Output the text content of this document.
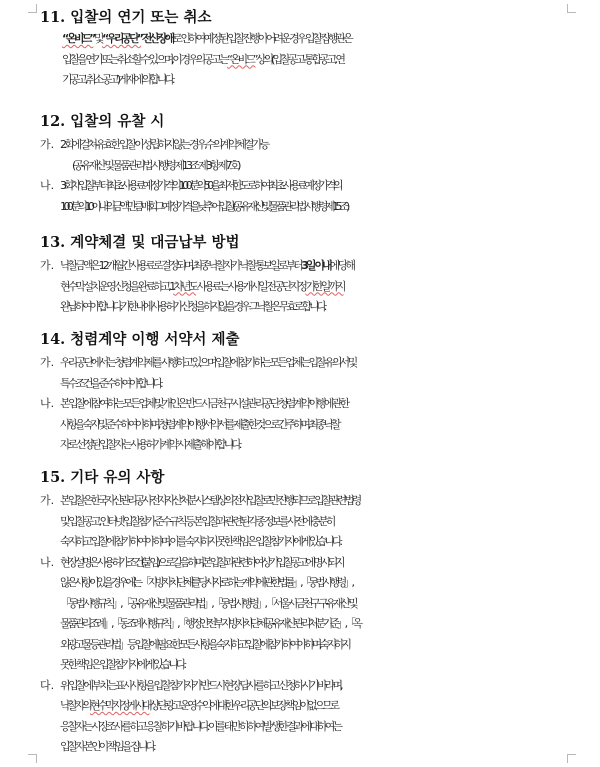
11. 입찰의 연기 또는 취소
“온비드” 및 “우리공단” 전산장애로 인하여 예정된 입찰진행이 어려운 경우 입찰집행관은
입찰을 연기 또는 취소할 수 있으며, 이 경우의 공고는 “온비드” 상의(입찰공고-통합공고, 연
기공고, 취소 공고)게재에 의합니다.
12. 입찰의 유찰 시
가. 2회에 걸쳐 유효한 입찰이 성립하지 않는 경우, 수의계약 체결 가능
(공유재산 및 물품관리법 시행령 제13조 제3항 제7호)
나. 3회차 입찰부터 최초 사용료 예정가격의 100분의 50을 최저한도로 하여 최초 사용료 예정가격의
100분의 10 이내의 금액만큼 매회 그 예정가격을 낮추어 입찰(공유재산 및 물품관리법 시행령 제15조)
13. 계약체결 및 대금납부 방법
가. 낙찰금액은 12개월간 사용료로 결정되며, 최종 낙찰자가 낙찰 통보일로부터 3일 이내에 당해
현수막 설치운영 신청을 완료하고, 1차년도 사용료는 사용개시일 전 공단지정 기한일까지
완납하여야 합니다. 기한 내에 사용허가 신청을 하지 않을 경우 그 낙찰은 무효로 합니다.
14. 청렴계약 이행 서약서 제출
가. 우리 공단에서는 청렴계약제를 시행하고 있으며 입찰에 참가하는 모든 업체는 입찰 유의서 및
특수조건을 준수하여야 합니다.
나. 본 입찰에 참여하는 모든 업체 및 개인은 반드시 금천구시설관리공단 청렴계약이행에 관한
사항을 숙지 및 준수하여야 하며, 청렴계약이행서약서를 제출한 것으로 간주하며, 최종 낙찰
자로 선정된 입찰자는 사용허가 계약 시 제출해야 합니다.
15. 기타 유의 사항
가. 본 입찰은 한국자산관리공사 전자자산처분시스템상의 전자입찰로만 진행되므로 입찰관련 법령
및 입찰공고, 인터넷 입찰참가 준수규칙 등 본 입찰과 관련된 각종 정보를 사전에 충분히
숙지하고 입찰에 참가하여야 하며, 이를 숙지하지 못한 책임은 입찰참가자에게 있습니다.
나. 현장설명은 사용허가 조건(붙임)으로 갈음하며, 본 입찰과 관련하여 상기 입찰공고에 명시되지
않은 사항이 있을 경우에는 「지방자치단체를 당사자로 하는 계약에 관한 법률」,「동법시행령」,
「동법시행규칙」, 「공유재산 및 물품관리법」, 「동법시행령」, 「서울시 금천구 구유재산 및
물품관리조례」, 「동 조례 시행규칙」, 「행정안전부 지방자치단체 공유재산 관리처분 기준」,「옥
외광고물 등 관리법」 등 입찰에 필요한 모든 사항을 숙지하고 입찰에 참가하여야 하며, 숙지하지
못한 책임은 입찰참가자에게 있습니다.
다. 위 입찰에 부치는 표시사항을 입찰 참가자가 반드시 현장 답사를 하고 신청하시기 바라며,
낙찰자의 현수막지정게시대 상단광고 운영수익에 대한 우리공단의 보장책임이 없으므로
응찰자는 시장조사를 하고 응찰하기 바랍니다. 이를 태만히 하여 발생한 결과에 대하여는
입찰자 본인이 책임을 집니다.
